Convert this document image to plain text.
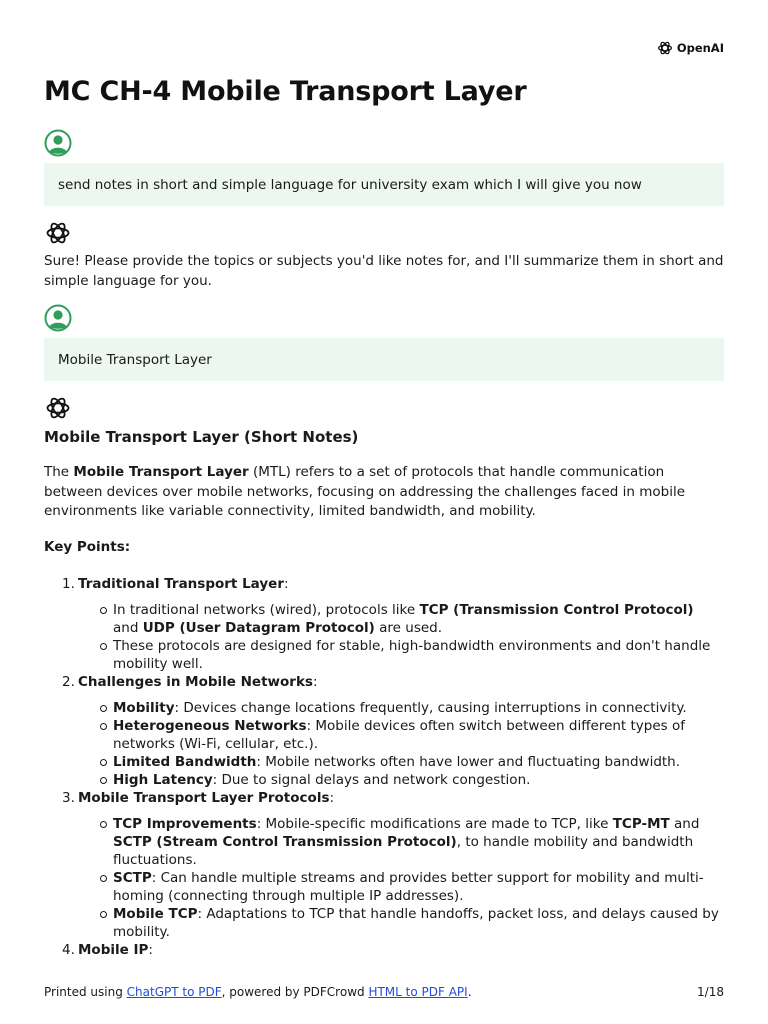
OpenAI
MC CH-4 Mobile Transport Layer
send notes in short and simple language for university exam which I will give you now

Sure! Please provide the topics or subjects you'd like notes for, and I'll summarize them in short and simple language for you.

Mobile Transport Layer
Mobile Transport Layer (Short Notes)

The Mobile Transport Layer (MTL) refers to a set of protocols that handle communication between devices over mobile networks, focusing on addressing the challenges faced in mobile environments like variable connectivity, limited bandwidth, and mobility.

Key Points:
1. Traditional Transport Layer:
In traditional networks (wired), protocols like TCP (Transmission Control Protocol) and UDP (User Datagram Protocol) are used.
These protocols are designed for stable, high-bandwidth environments and don't handle mobility well.
2. Challenges in Mobile Networks:
Mobility: Devices change locations frequently, causing interruptions in connectivity.
Heterogeneous Networks: Mobile devices often switch between different types of networks (Wi-Fi, cellular, etc.).
Limited Bandwidth: Mobile networks often have lower and fluctuating bandwidth.
High Latency: Due to signal delays and network congestion.
3. Mobile Transport Layer Protocols:
TCP Improvements: Mobile-specific modifications are made to TCP, like TCP-MT and SCTP (Stream Control Transmission Protocol), to handle mobility and bandwidth fluctuations.
SCTP: Can handle multiple streams and provides better support for mobility and multi-homing (connecting through multiple IP addresses).
Mobile TCP: Adaptations to TCP that handle handoffs, packet loss, and delays caused by mobility.
4. Mobile IP:
Printed using ChatGPT to PDF, powered by PDFCrowd HTML to PDF API.	1/18
